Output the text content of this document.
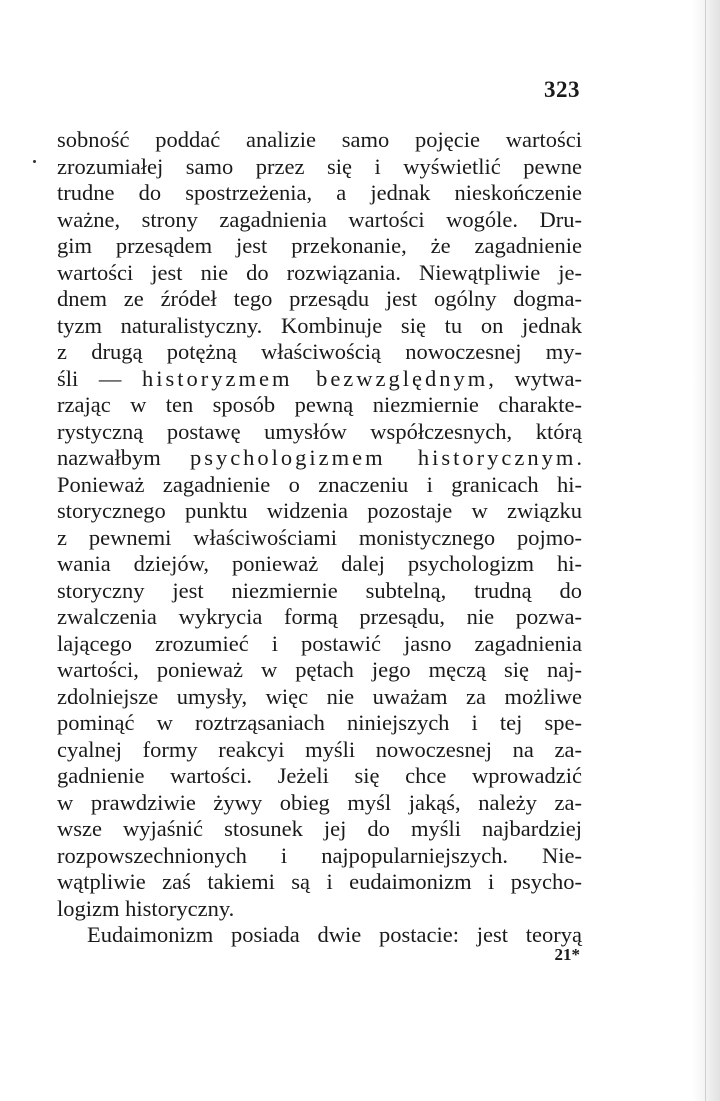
323
sobność poddać analizie samo pojęcie wartości
zrozumiałej samo przez się i wyświetlić pewne
trudne do spostrzeżenia, a jednak nieskończenie
ważne, strony zagadnienia wartości wogóle. Dru-
gim przesądem jest przekonanie, że zagadnienie
wartości jest nie do rozwiązania. Niewątpliwie je-
dnem ze źródeł tego przesądu jest ogólny dogma-
tyzm naturalistyczny. Kombinuje się tu on jednak
z drugą potężną właściwością nowoczesnej my-
śli — historyzmem bezwzględnym, wytwa-
rzając w ten sposób pewną niezmiernie charakte-
rystyczną postawę umysłów współczesnych, którą
nazwałbym psychologizmem historycznym.
Ponieważ zagadnienie o znaczeniu i granicach hi-
storycznego punktu widzenia pozostaje w związku
z pewnemi właściwościami monistycznego pojmo-
wania dziejów, ponieważ dalej psychologizm hi-
storyczny jest niezmiernie subtelną, trudną do
zwalczenia wykrycia formą przesądu, nie pozwa-
lającego zrozumieć i postawić jasno zagadnienia
wartości, ponieważ w pętach jego męczą się naj-
zdolniejsze umysły, więc nie uważam za możliwe
pominąć w roztrząsaniach niniejszych i tej spe-
cyalnej formy reakcyi myśli nowoczesnej na za-
gadnienie wartości. Jeżeli się chce wprowadzić
w prawdziwie żywy obieg myśl jakąś, należy za-
wsze wyjaśnić stosunek jej do myśli najbardziej
rozpowszechnionych i najpopularniejszych. Nie-
wątpliwie zaś takiemi są i eudaimonizm i psycho-
logizm historyczny.
Eudaimonizm posiada dwie postacie: jest teoryą
21*
